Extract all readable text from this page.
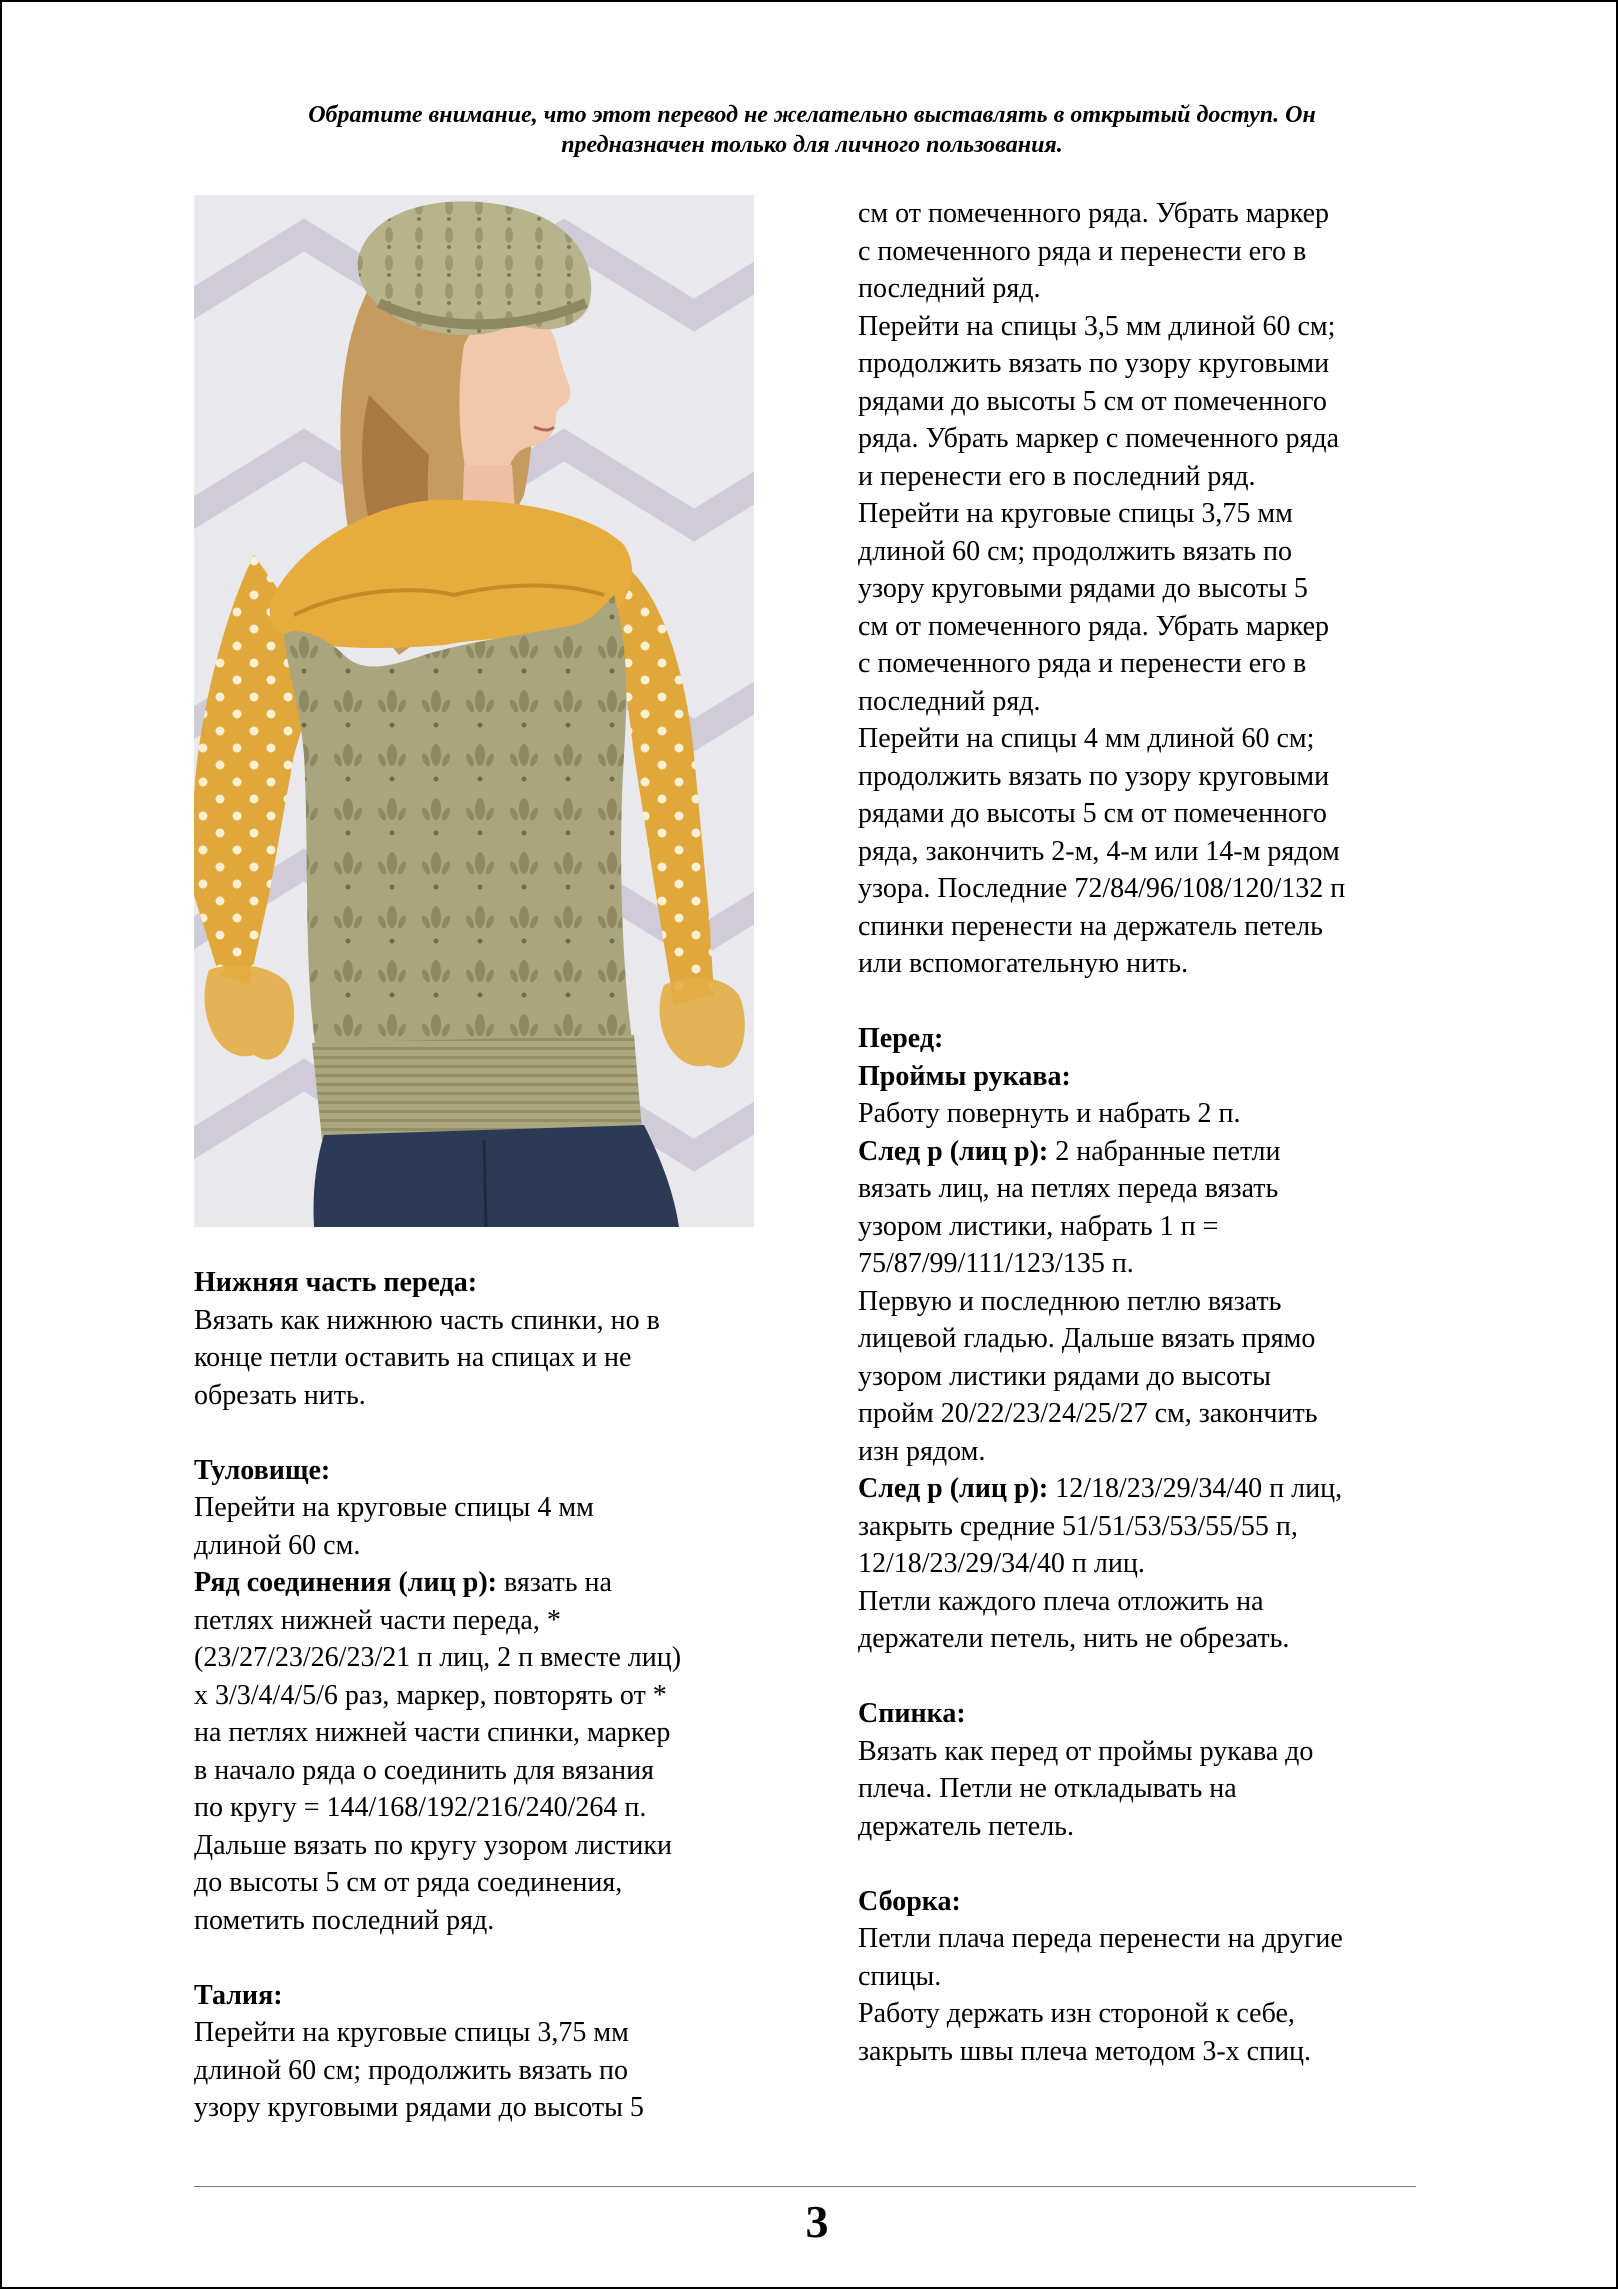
Обратите внимание, что этот перевод не желательно выставлять в открытый доступ. Он
предназначен только для личного пользования.
Нижняя часть переда:
Вязать как нижнюю часть спинки, но в
конце петли оставить на спицах и не
обрезать нить.
Туловище:
Перейти на круговые спицы 4 мм
длиной 60 см.
Ряд соединения (лиц р): вязать на
петлях нижней части переда, *
(23/27/23/26/23/21 п лиц, 2 п вместе лиц)
х 3/3/4/4/5/6 раз, маркер, повторять от *
на петлях нижней части спинки, маркер
в начало ряда о соединить для вязания
по кругу = 144/168/192/216/240/264 п.
Дальше вязать по кругу узором листики
до высоты 5 см от ряда соединения,
пометить последний ряд.
Талия:
Перейти на круговые спицы 3,75 мм
длиной 60 см; продолжить вязать по
узору круговыми рядами до высоты 5
см от помеченного ряда. Убрать маркер
с помеченного ряда и перенести его в
последний ряд.
Перейти на спицы 3,5 мм длиной 60 см;
продолжить вязать по узору круговыми
рядами до высоты 5 см от помеченного
ряда. Убрать маркер с помеченного ряда
и перенести его в последний ряд.
Перейти на круговые спицы 3,75 мм
длиной 60 см; продолжить вязать по
узору круговыми рядами до высоты 5
см от помеченного ряда. Убрать маркер
с помеченного ряда и перенести его в
последний ряд.
Перейти на спицы 4 мм длиной 60 см;
продолжить вязать по узору круговыми
рядами до высоты 5 см от помеченного
ряда, закончить 2-м, 4-м или 14-м рядом
узора. Последние 72/84/96/108/120/132 п
спинки перенести на держатель петель
или вспомогательную нить.
Перед:
Проймы рукава:
Работу повернуть и набрать 2 п.
След р (лиц р): 2 набранные петли
вязать лиц, на петлях переда вязать
узором листики, набрать 1 п =
75/87/99/111/123/135 п.
Первую и последнюю петлю вязать
лицевой гладью. Дальше вязать прямо
узором листики рядами до высоты
пройм 20/22/23/24/25/27 см, закончить
изн рядом.
След р (лиц р): 12/18/23/29/34/40 п лиц,
закрыть средние 51/51/53/53/55/55 п,
12/18/23/29/34/40 п лиц.
Петли каждого плеча отложить на
держатели петель, нить не обрезать.
Спинка:
Вязать как перед от проймы рукава до
плеча. Петли не откладывать на
держатель петель.
Сборка:
Петли плача переда перенести на другие
спицы.
Работу держать изн стороной к себе,
закрыть швы плеча методом 3-х спиц.
3
